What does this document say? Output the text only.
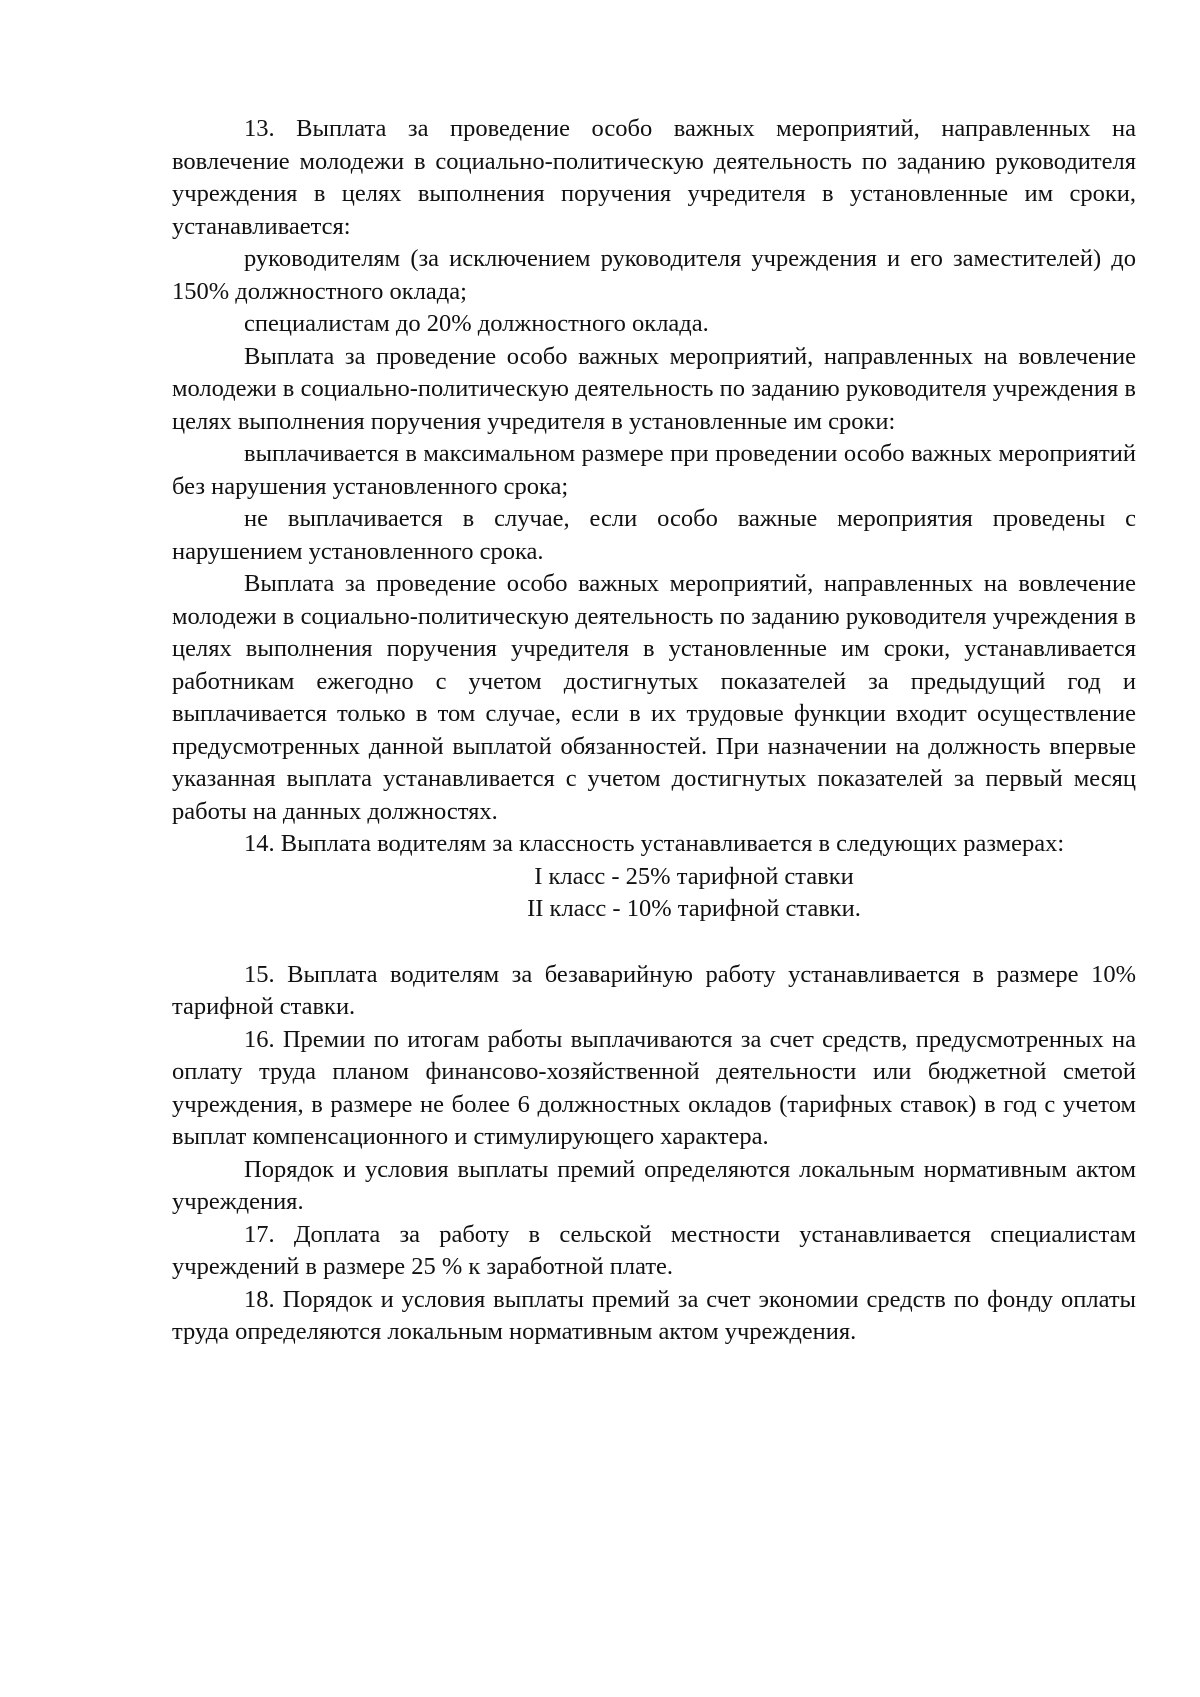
13. Выплата за проведение особо важных мероприятий, направленных на вовлечение молодежи в социально-политическую деятельность по заданию руководителя учреждения в целях выполнения поручения учредителя в установленные им сроки, устанавливается:

руководителям (за исключением руководителя учреждения и его заместителей) до 150% должностного оклада;

специалистам до 20% должностного оклада.

Выплата за проведение особо важных мероприятий, направленных на вовлечение молодежи в социально-политическую деятельность по заданию руководителя учреждения в целях выполнения поручения учредителя в установленные им сроки:

выплачивается в максимальном размере при проведении особо важных мероприятий без нарушения установленного срока;

не выплачивается в случае, если особо важные мероприятия проведены с нарушением установленного срока.

Выплата за проведение особо важных мероприятий, направленных на вовлечение молодежи в социально-политическую деятельность по заданию руководителя учреждения в целях выполнения поручения учредителя в установленные им сроки, устанавливается работникам ежегодно с учетом достигнутых показателей за предыдущий год и выплачивается только в том случае, если в их трудовые функции входит осуществление предусмотренных данной выплатой обязанностей. При назначении на должность впервые указанная выплата устанавливается с учетом достигнутых показателей за первый месяц работы на данных должностях.

14. Выплата водителям за классность устанавливается в следующих размерах:

I класс - 25% тарифной ставки

II класс - 10% тарифной ставки.

15. Выплата водителям за безаварийную работу устанавливается в размере 10% тарифной ставки.

16. Премии по итогам работы выплачиваются за счет средств, предусмотренных на оплату труда планом финансово-хозяйственной деятельности или бюджетной сметой учреждения, в размере не более 6 должностных окладов (тарифных ставок) в год с учетом выплат компенсационного и стимулирующего характера.

Порядок и условия выплаты премий определяются локальным нормативным актом учреждения.

17. Доплата за работу в сельской местности устанавливается специалистам учреждений в размере 25 % к заработной плате.

18. Порядок и условия выплаты премий за счет экономии средств по фонду оплаты труда определяются локальным нормативным актом учреждения.
